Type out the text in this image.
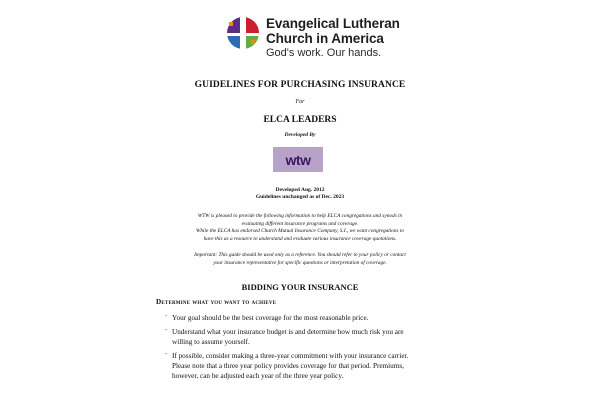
Evangelical Lutheran
Church in America
God's work. Our hands.
GUIDELINES FOR PURCHASING INSURANCE
For
ELCA LEADERS
Developed By
wtw
Developed Aug. 2012
Guidelines unchanged as of Dec. 2023

WTW is pleased to provide the following information to help ELCA congregations and synods in

evaluating different insurance programs and coverage.

While the ELCA has endorsed Church Mutual Insurance Company, S.I., we want congregations to

have this as a resource to understand and evaluate various insurance coverage quotations.

Important: This guide should be used only as a reference. You should refer to your policy or contact

your insurance representative for specific questions or interpretation of coverage.

BIDDING YOUR INSURANCE
Determine what you want to achieve
¨ Your goal should be the best coverage for the most reasonable price.

¨ Understand what your insurance budget is and determine how much risk you are

willing to assume yourself.

¨ If possible, consider making a three-year commitment with your insurance carrier.

Please note that a three year policy provides coverage for that period. Premiums,

however, can be adjusted each year of the three year policy.
